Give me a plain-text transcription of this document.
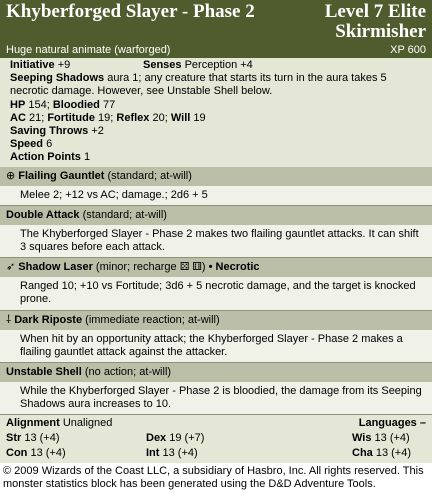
Khyberforged Slayer - Phase 2	Level 7 Elite Skirmisher
Huge natural animate (warforged)	XP 600
Initiative +9	Senses Perception +4
Seeping Shadows aura 1; any creature that starts its turn in the aura takes 5 necrotic damage. However, see Unstable Shell below.
HP 154; Bloodied 77
AC 21; Fortitude 19; Reflex 20; Will 19
Saving Throws +2
Speed 6
Action Points 1
⊕ Flailing Gauntlet (standard; at-will)
Melee 2; +12 vs AC; damage.; 2d6 + 5
Double Attack (standard; at-will)
The Khyberforged Slayer - Phase 2 makes two flailing gauntlet attacks. It can shift 3 squares before each attack.
➶ Shadow Laser (minor; recharge ⚄ ⚅) • Necrotic
Ranged 10; +10 vs Fortitude; 3d6 + 5 necrotic damage, and the target is knocked prone.
⸸ Dark Riposte (immediate reaction; at-will)
When hit by an opportunity attack; the Khyberforged Slayer - Phase 2 makes a flailing gauntlet attack against the attacker.
Unstable Shell (no action; at-will)
While the Khyberforged Slayer - Phase 2 is bloodied, the damage from its Seeping Shadows aura increases to 10.
Alignment Unaligned	Languages –
Str 13 (+4)	Dex 19 (+7)	Wis 13 (+4)
Con 13 (+4)	Int 13 (+4)	Cha 13 (+4)
© 2009 Wizards of the Coast LLC, a subsidiary of Hasbro, Inc. All rights reserved. This
monster statistics block has been generated using the D&D Adventure Tools.
